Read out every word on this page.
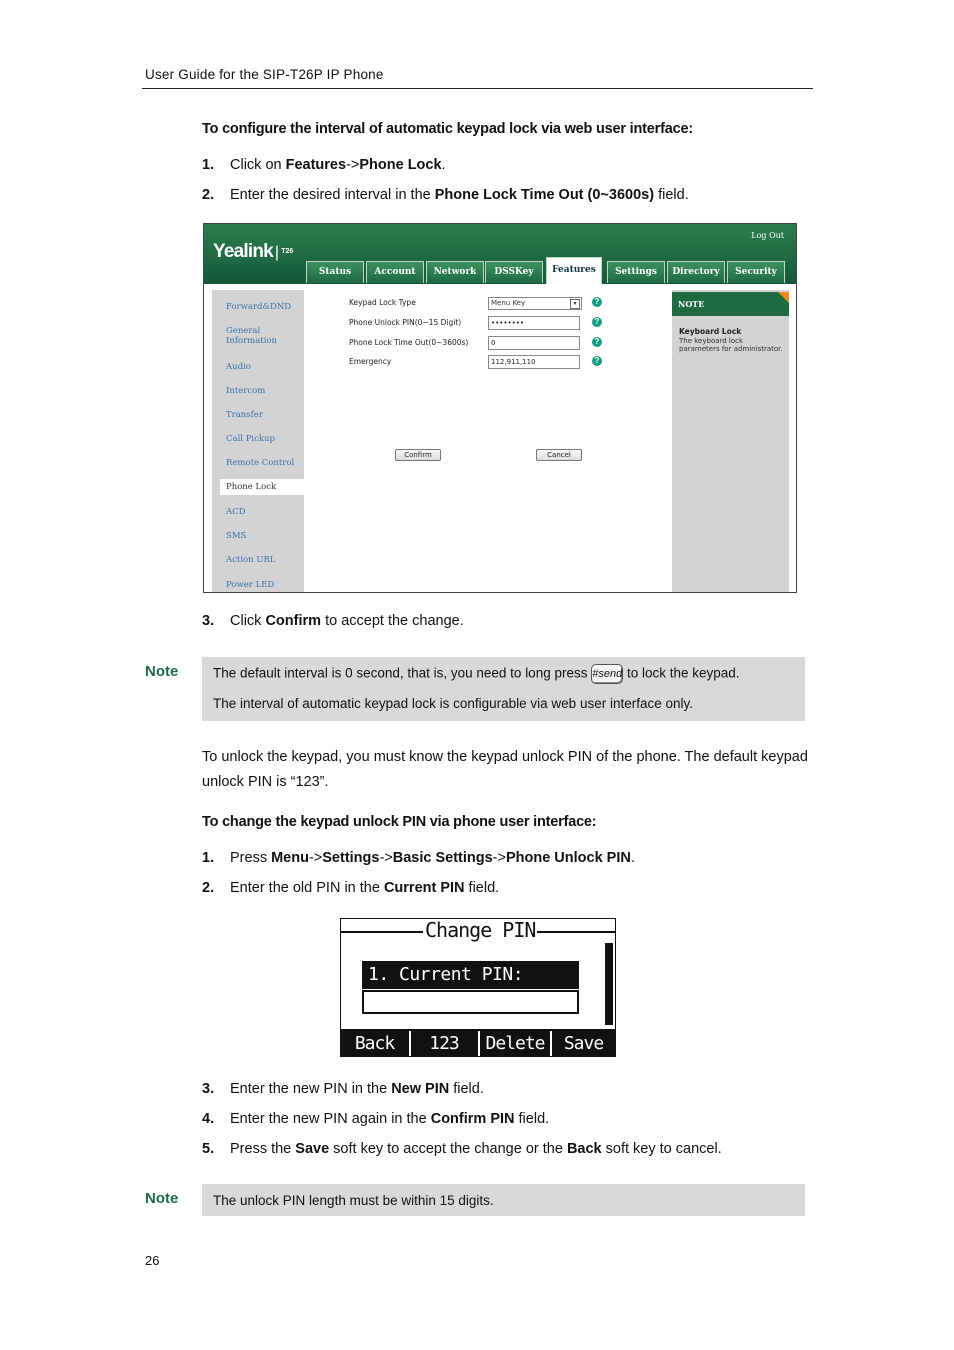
User Guide for the SIP-T26P IP Phone
To configure the interval of automatic keypad lock via web user interface:
1. Click on Features->Phone Lock.
2. Enter the desired interval in the Phone Lock Time Out (0~3600s) field.
Yealink | T26
Log Out
Status	Account	Network	DSSKey	Features	Settings	Directory	Security
Forward&DND
General Information
Audio
Intercom
Transfer
Call Pickup
Remote Control
Phone Lock
ACD
SMS
Action URL
Power LED
Keypad Lock Type	Menu Key	▾	?
Phone Unlock PIN(0~15 Digit)	••••••••	?
Phone Lock Time Out(0~3600s)	0	?
Emergency	112,911,110	?
Confirm	Cancel
NOTE
Keyboard Lock
The keyboard lock parameters for administrator.
3. Click Confirm to accept the change.
Note	The default interval is 0 second, that is, you need to long press #send to lock the keypad.
The interval of automatic keypad lock is configurable via web user interface only.
To unlock the keypad, you must know the keypad unlock PIN of the phone. The default keypad unlock PIN is “123”.
To change the keypad unlock PIN via phone user interface:
1. Press Menu->Settings->Basic Settings->Phone Unlock PIN.
2. Enter the old PIN in the Current PIN field.
Change PIN
1. Current PIN:
Back	123	Delete	Save
3. Enter the new PIN in the New PIN field.
4. Enter the new PIN again in the Confirm PIN field.
5. Press the Save soft key to accept the change or the Back soft key to cancel.
Note	The unlock PIN length must be within 15 digits.
26
